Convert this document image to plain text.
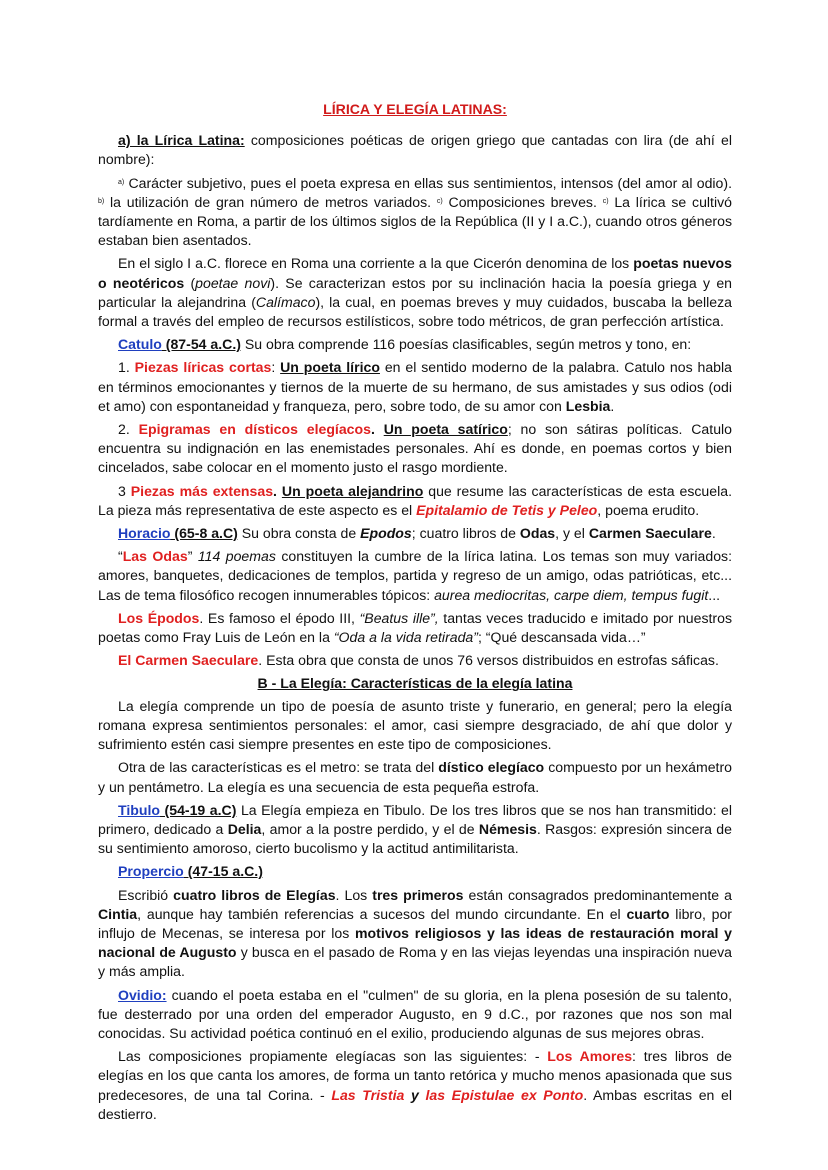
LÍRICA Y ELEGÍA LATINAS:

a) la Lírica Latina: composiciones poéticas de origen griego que cantadas con lira (de ahí el nombre):

$^{a)}$ Carácter subjetivo, pues el poeta expresa en ellas sus sentimientos, intensos (del amor al odio). $^{b)}$ la utilización de gran número de metros variados. $^{c)}$ Composiciones breves. $^{c)}$ La lírica se cultivó tardíamente en Roma, a partir de los últimos siglos de la República (II y I a.C.), cuando otros géneros estaban bien asentados.

En el siglo I a.C. florece en Roma una corriente a la que Cicerón denomina de los poetas nuevos o neotéricos (poetae novi). Se caracterizan estos por su inclinación hacia la poesía griega y en particular la alejandrina (Calímaco), la cual, en poemas breves y muy cuidados, buscaba la belleza formal a través del empleo de recursos estilísticos, sobre todo métricos, de gran perfección artística.

Catulo (87-54 a.C.) Su obra comprende 116 poesías clasificables, según metros y tono, en:

1. Piezas líricas cortas: Un poeta lírico en el sentido moderno de la palabra. Catulo nos habla en términos emocionantes y tiernos de la muerte de su hermano, de sus amistades y sus odios (odi et amo) con espontaneidad y franqueza, pero, sobre todo, de su amor con Lesbia.

2. Epigramas en dísticos elegíacos. Un poeta satírico; no son sátiras políticas. Catulo encuentra su indignación en las enemistades personales. Ahí es donde, en poemas cortos y bien cincelados, sabe colocar en el momento justo el rasgo mordiente.

3 Piezas más extensas. Un poeta alejandrino que resume las características de esta escuela. La pieza más representativa de este aspecto es el Epitalamio de Tetis y Peleo, poema erudito.

Horacio (65-8 a.C) Su obra consta de Epodos; cuatro libros de Odas, y el Carmen Saeculare.

“Las Odas” 114 poemas constituyen la cumbre de la lírica latina. Los temas son muy variados: amores, banquetes, dedicaciones de templos, partida y regreso de un amigo, odas patrióticas, etc... Las de tema filosófico recogen innumerables tópicos: aurea mediocritas, carpe diem, tempus fugit...

Los Épodos. Es famoso el épodo III, “Beatus ille”, tantas veces traducido e imitado por nuestros poetas como Fray Luis de León en la “Oda a la vida retirada”; “Qué descansada vida…”

El Carmen Saeculare. Esta obra que consta de unos 76 versos distribuidos en estrofas sáficas.

B - La Elegía: Características de la elegía latina

La elegía comprende un tipo de poesía de asunto triste y funerario, en general; pero la elegía romana expresa sentimientos personales: el amor, casi siempre desgraciado, de ahí que dolor y sufrimiento estén casi siempre presentes en este tipo de composiciones.

Otra de las características es el metro: se trata del dístico elegíaco compuesto por un hexámetro y un pentámetro. La elegía es una secuencia de esta pequeña estrofa.

Tibulo (54-19 a.C) La Elegía empieza en Tibulo. De los tres libros que se nos han transmitido: el primero, dedicado a Delia, amor a la postre perdido, y el de Némesis. Rasgos: expresión sincera de su sentimiento amoroso, cierto bucolismo y la actitud antimilitarista.

Propercio (47-15 a.C.)

Escribió cuatro libros de Elegías. Los tres primeros están consagrados predominantemente a Cintia, aunque hay también referencias a sucesos del mundo circundante. En el cuarto libro, por influjo de Mecenas, se interesa por los motivos religiosos y las ideas de restauración moral y nacional de Augusto y busca en el pasado de Roma y en las viejas leyendas una inspiración nueva y más amplia.

Ovidio: cuando el poeta estaba en el "culmen" de su gloria, en la plena posesión de su talento, fue desterrado por una orden del emperador Augusto, en 9 d.C., por razones que nos son mal conocidas. Su actividad poética continuó en el exilio, produciendo algunas de sus mejores obras.

Las composiciones propiamente elegíacas son las siguientes: - Los Amores: tres libros de elegías en los que canta los amores, de forma un tanto retórica y mucho menos apasionada que sus predecesores, de una tal Corina. - Las Tristia y las Epistulae ex Ponto. Ambas escritas en el destierro.
